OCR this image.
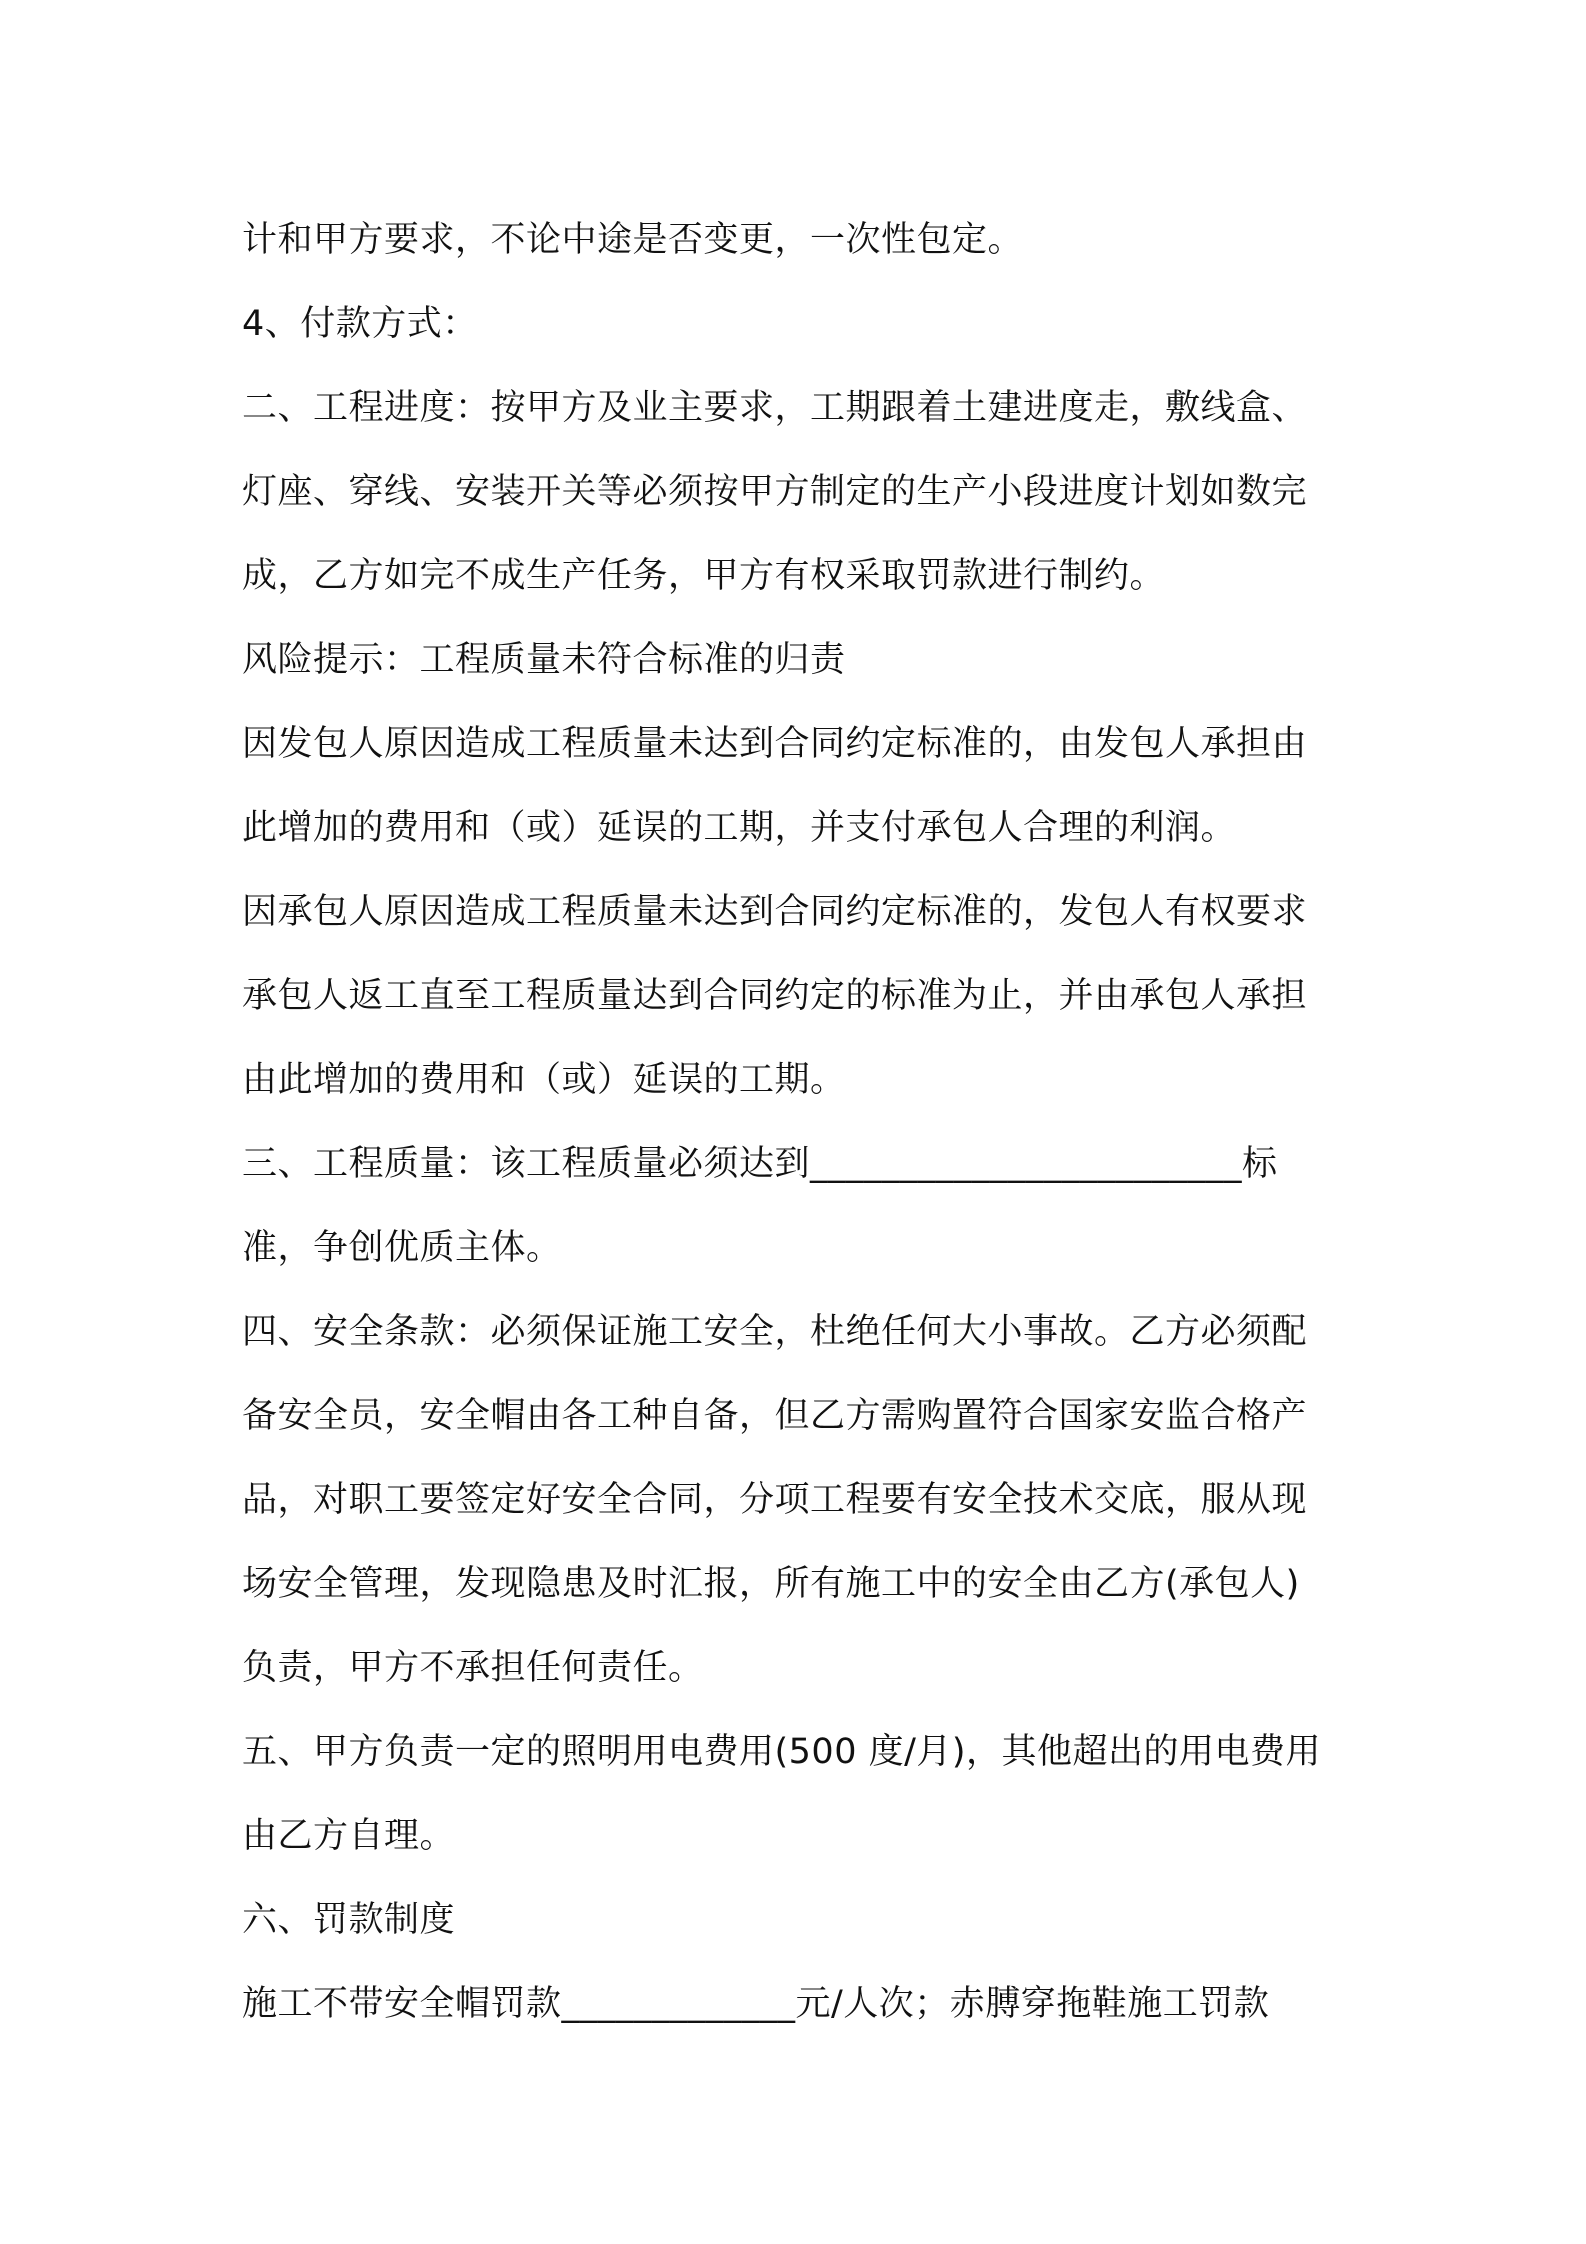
计和甲方要求，不论中途是否变更，一次性包定。
4、付款方式：
二、工程进度：按甲方及业主要求，工期跟着土建进度走，敷线盒、
灯座、穿线、安装开关等必须按甲方制定的生产小段进度计划如数完
成，乙方如完不成生产任务，甲方有权采取罚款进行制约。
风险提示：工程质量未符合标准的归责
因发包人原因造成工程质量未达到合同约定标准的，由发包人承担由
此增加的费用和（或）延误的工期，并支付承包人合理的利润。
因承包人原因造成工程质量未达到合同约定标准的，发包人有权要求
承包人返工直至工程质量达到合同约定的标准为止，并由承包人承担
由此增加的费用和（或）延误的工期。
三、工程质量：该工程质量必须达到________________________标
准，争创优质主体。
四、安全条款：必须保证施工安全，杜绝任何大小事故。乙方必须配
备安全员，安全帽由各工种自备，但乙方需购置符合国家安监合格产
品，对职工要签定好安全合同，分项工程要有安全技术交底，服从现
场安全管理，发现隐患及时汇报，所有施工中的安全由乙方(承包人)
负责，甲方不承担任何责任。
五、甲方负责一定的照明用电费用(500 度/月)，其他超出的用电费用
由乙方自理。
六、罚款制度
施工不带安全帽罚款_____________元/人次；赤膊穿拖鞋施工罚款
